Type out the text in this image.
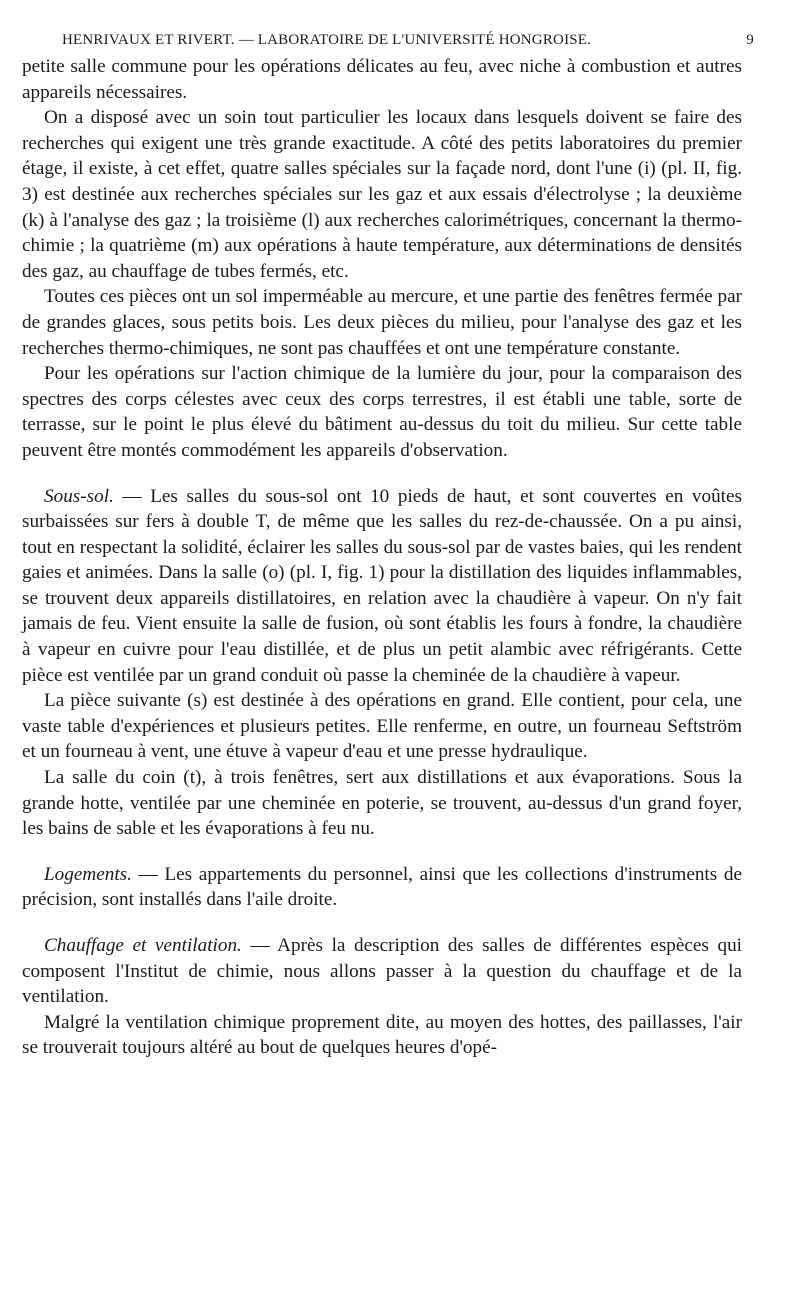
HENRIVAUX ET RIVERT. — LABORATOIRE DE L'UNIVERSITÉ HONGROISE.	9

petite salle commune pour les opérations délicates au feu, avec niche à combustion et autres appareils nécessaires.

On a disposé avec un soin tout particulier les locaux dans lesquels doivent se faire des recherches qui exigent une très grande exactitude. A côté des petits laboratoires du premier étage, il existe, à cet effet, quatre salles spéciales sur la façade nord, dont l'une (i) (pl. II, fig. 3) est destinée aux recherches spéciales sur les gaz et aux essais d'électrolyse ; la deuxième (k) à l'analyse des gaz ; la troisième (l) aux recherches calorimétriques, concernant la thermo-chimie ; la quatrième (m) aux opérations à haute température, aux déterminations de densités des gaz, au chauffage de tubes fermés, etc.

Toutes ces pièces ont un sol imperméable au mercure, et une partie des fenêtres fermée par de grandes glaces, sous petits bois. Les deux pièces du milieu, pour l'analyse des gaz et les recherches thermo-chimiques, ne sont pas chauffées et ont une température constante.

Pour les opérations sur l'action chimique de la lumière du jour, pour la comparaison des spectres des corps célestes avec ceux des corps terrestres, il est établi une table, sorte de terrasse, sur le point le plus élevé du bâtiment au-dessus du toit du milieu. Sur cette table peuvent être montés commodément les appareils d'observation.

Sous-sol. — Les salles du sous-sol ont 10 pieds de haut, et sont couvertes en voûtes surbaissées sur fers à double T, de même que les salles du rez-de-chaussée. On a pu ainsi, tout en respectant la solidité, éclairer les salles du sous-sol par de vastes baies, qui les rendent gaies et animées. Dans la salle (o) (pl. I, fig. 1) pour la distillation des liquides inflammables, se trouvent deux appareils distillatoires, en relation avec la chaudière à vapeur. On n'y fait jamais de feu. Vient ensuite la salle de fusion, où sont établis les fours à fondre, la chaudière à vapeur en cuivre pour l'eau distillée, et de plus un petit alambic avec réfrigérants. Cette pièce est ventilée par un grand conduit où passe la cheminée de la chaudière à vapeur.

La pièce suivante (s) est destinée à des opérations en grand. Elle contient, pour cela, une vaste table d'expériences et plusieurs petites. Elle renferme, en outre, un fourneau Seftström et un fourneau à vent, une étuve à vapeur d'eau et une presse hydraulique.

La salle du coin (t), à trois fenêtres, sert aux distillations et aux évaporations. Sous la grande hotte, ventilée par une cheminée en poterie, se trouvent, au-dessus d'un grand foyer, les bains de sable et les évaporations à feu nu.

Logements. — Les appartements du personnel, ainsi que les collections d'instruments de précision, sont installés dans l'aile droite.

Chauffage et ventilation. — Après la description des salles de différentes espèces qui composent l'Institut de chimie, nous allons passer à la question du chauffage et de la ventilation.

Malgré la ventilation chimique proprement dite, au moyen des hottes, des paillasses, l'air se trouverait toujours altéré au bout de quelques heures d'opé-
